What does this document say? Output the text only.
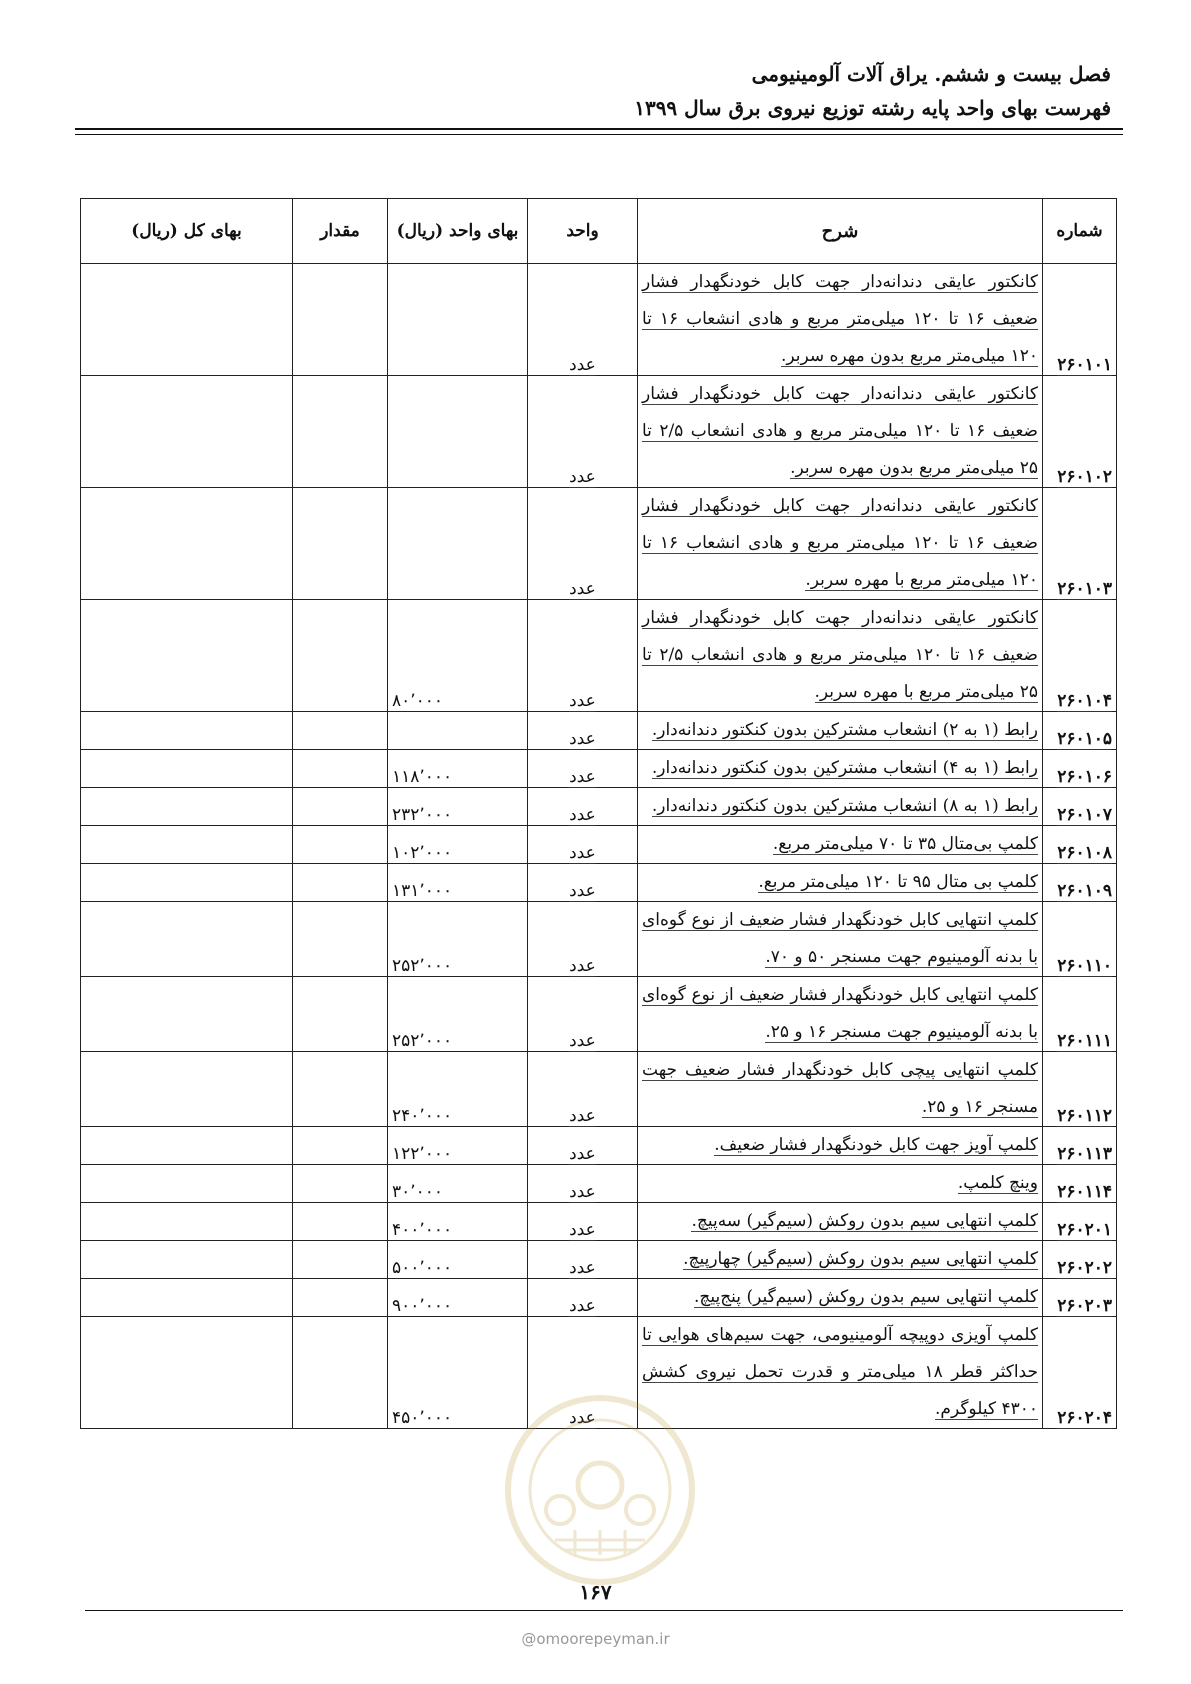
فصل بیست و ششم. یراق آلات آلومینیومی
فهرست بهای واحد پایه رشته توزیع نیروی برق سال ۱۳۹۹
شماره	شرح	واحد	بهای واحد (ریال)	مقدار	بهای کل (ریال)
۲۶۰۱۰۱	کانکتور عایقی دندانه‌دار جهت کابل خودنگهدار فشار ضعیف ۱۶ تا ۱۲۰ میلی‌متر مربع و هادی انشعاب ۱۶ تا ۱۲۰ میلی‌متر مربع بدون مهره سربر.	عدد			
۲۶۰۱۰۲	کانکتور عایقی دندانه‌دار جهت کابل خودنگهدار فشار ضعیف ۱۶ تا ۱۲۰ میلی‌متر مربع و هادی انشعاب ۲/۵ تا ۲۵ میلی‌متر مربع بدون مهره سربر.	عدد			
۲۶۰۱۰۳	کانکتور عایقی دندانه‌دار جهت کابل خودنگهدار فشار ضعیف ۱۶ تا ۱۲۰ میلی‌متر مربع و هادی انشعاب ۱۶ تا ۱۲۰ میلی‌متر مربع با مهره سربر.	عدد			
۲۶۰۱۰۴	کانکتور عایقی دندانه‌دار جهت کابل خودنگهدار فشار ضعیف ۱۶ تا ۱۲۰ میلی‌متر مربع و هادی انشعاب ۲/۵ تا ۲۵ میلی‌متر مربع با مهره سربر.	عدد	۸۰٬۰۰۰		
۲۶۰۱۰۵	رابط (۱ به ۲) انشعاب مشترکین بدون کنکتور دندانه‌دار.	عدد			
۲۶۰۱۰۶	رابط (۱ به ۴) انشعاب مشترکین بدون کنکتور دندانه‌دار.	عدد	۱۱۸٬۰۰۰		
۲۶۰۱۰۷	رابط (۱ به ۸) انشعاب مشترکین بدون کنکتور دندانه‌دار.	عدد	۲۳۲٬۰۰۰		
۲۶۰۱۰۸	کلمپ بی‌متال ۳۵ تا ۷۰ میلی‌متر مربع.	عدد	۱۰۲٬۰۰۰		
۲۶۰۱۰۹	کلمپ بی متال ۹۵ تا ۱۲۰ میلی‌متر مربع.	عدد	۱۳۱٬۰۰۰		
۲۶۰۱۱۰	کلمپ انتهایی کابل خودنگهدار فشار ضعیف از نوع گوه‌ای با بدنه آلومینیوم جهت مسنجر ۵۰ و ۷۰.	عدد	۲۵۲٬۰۰۰		
۲۶۰۱۱۱	کلمپ انتهایی کابل خودنگهدار فشار ضعیف از نوع گوه‌ای با بدنه آلومینیوم جهت مسنجر ۱۶ و ۲۵.	عدد	۲۵۲٬۰۰۰		
۲۶۰۱۱۲	کلمپ انتهایی پیچی کابل خودنگهدار فشار ضعیف جهت مسنجر ۱۶ و ۲۵.	عدد	۲۴۰٬۰۰۰		
۲۶۰۱۱۳	کلمپ آویز جهت کابل خودنگهدار فشار ضعیف.	عدد	۱۲۲٬۰۰۰		
۲۶۰۱۱۴	وینچ کلمپ.	عدد	۳۰٬۰۰۰		
۲۶۰۲۰۱	کلمپ انتهایی سیم بدون روکش (سیم‌گیر) سه‌پیچ.	عدد	۴۰۰٬۰۰۰		
۲۶۰۲۰۲	کلمپ انتهایی سیم بدون روکش (سیم‌گیر) چهارپیچ.	عدد	۵۰۰٬۰۰۰		
۲۶۰۲۰۳	کلمپ انتهایی سیم بدون روکش (سیم‌گیر) پنج‌پیچ.	عدد	۹۰۰٬۰۰۰		
۲۶۰۲۰۴	کلمپ آویزی دوپیچه آلومینیومی، جهت سیم‌های هوایی تا حداکثر قطر ۱۸ میلی‌متر و قدرت تحمل نیروی کشش ۴۳۰۰ کیلوگرم.	عدد	۴۵۰٬۰۰۰		
۱۶۷
@omoorepeyman.ir
